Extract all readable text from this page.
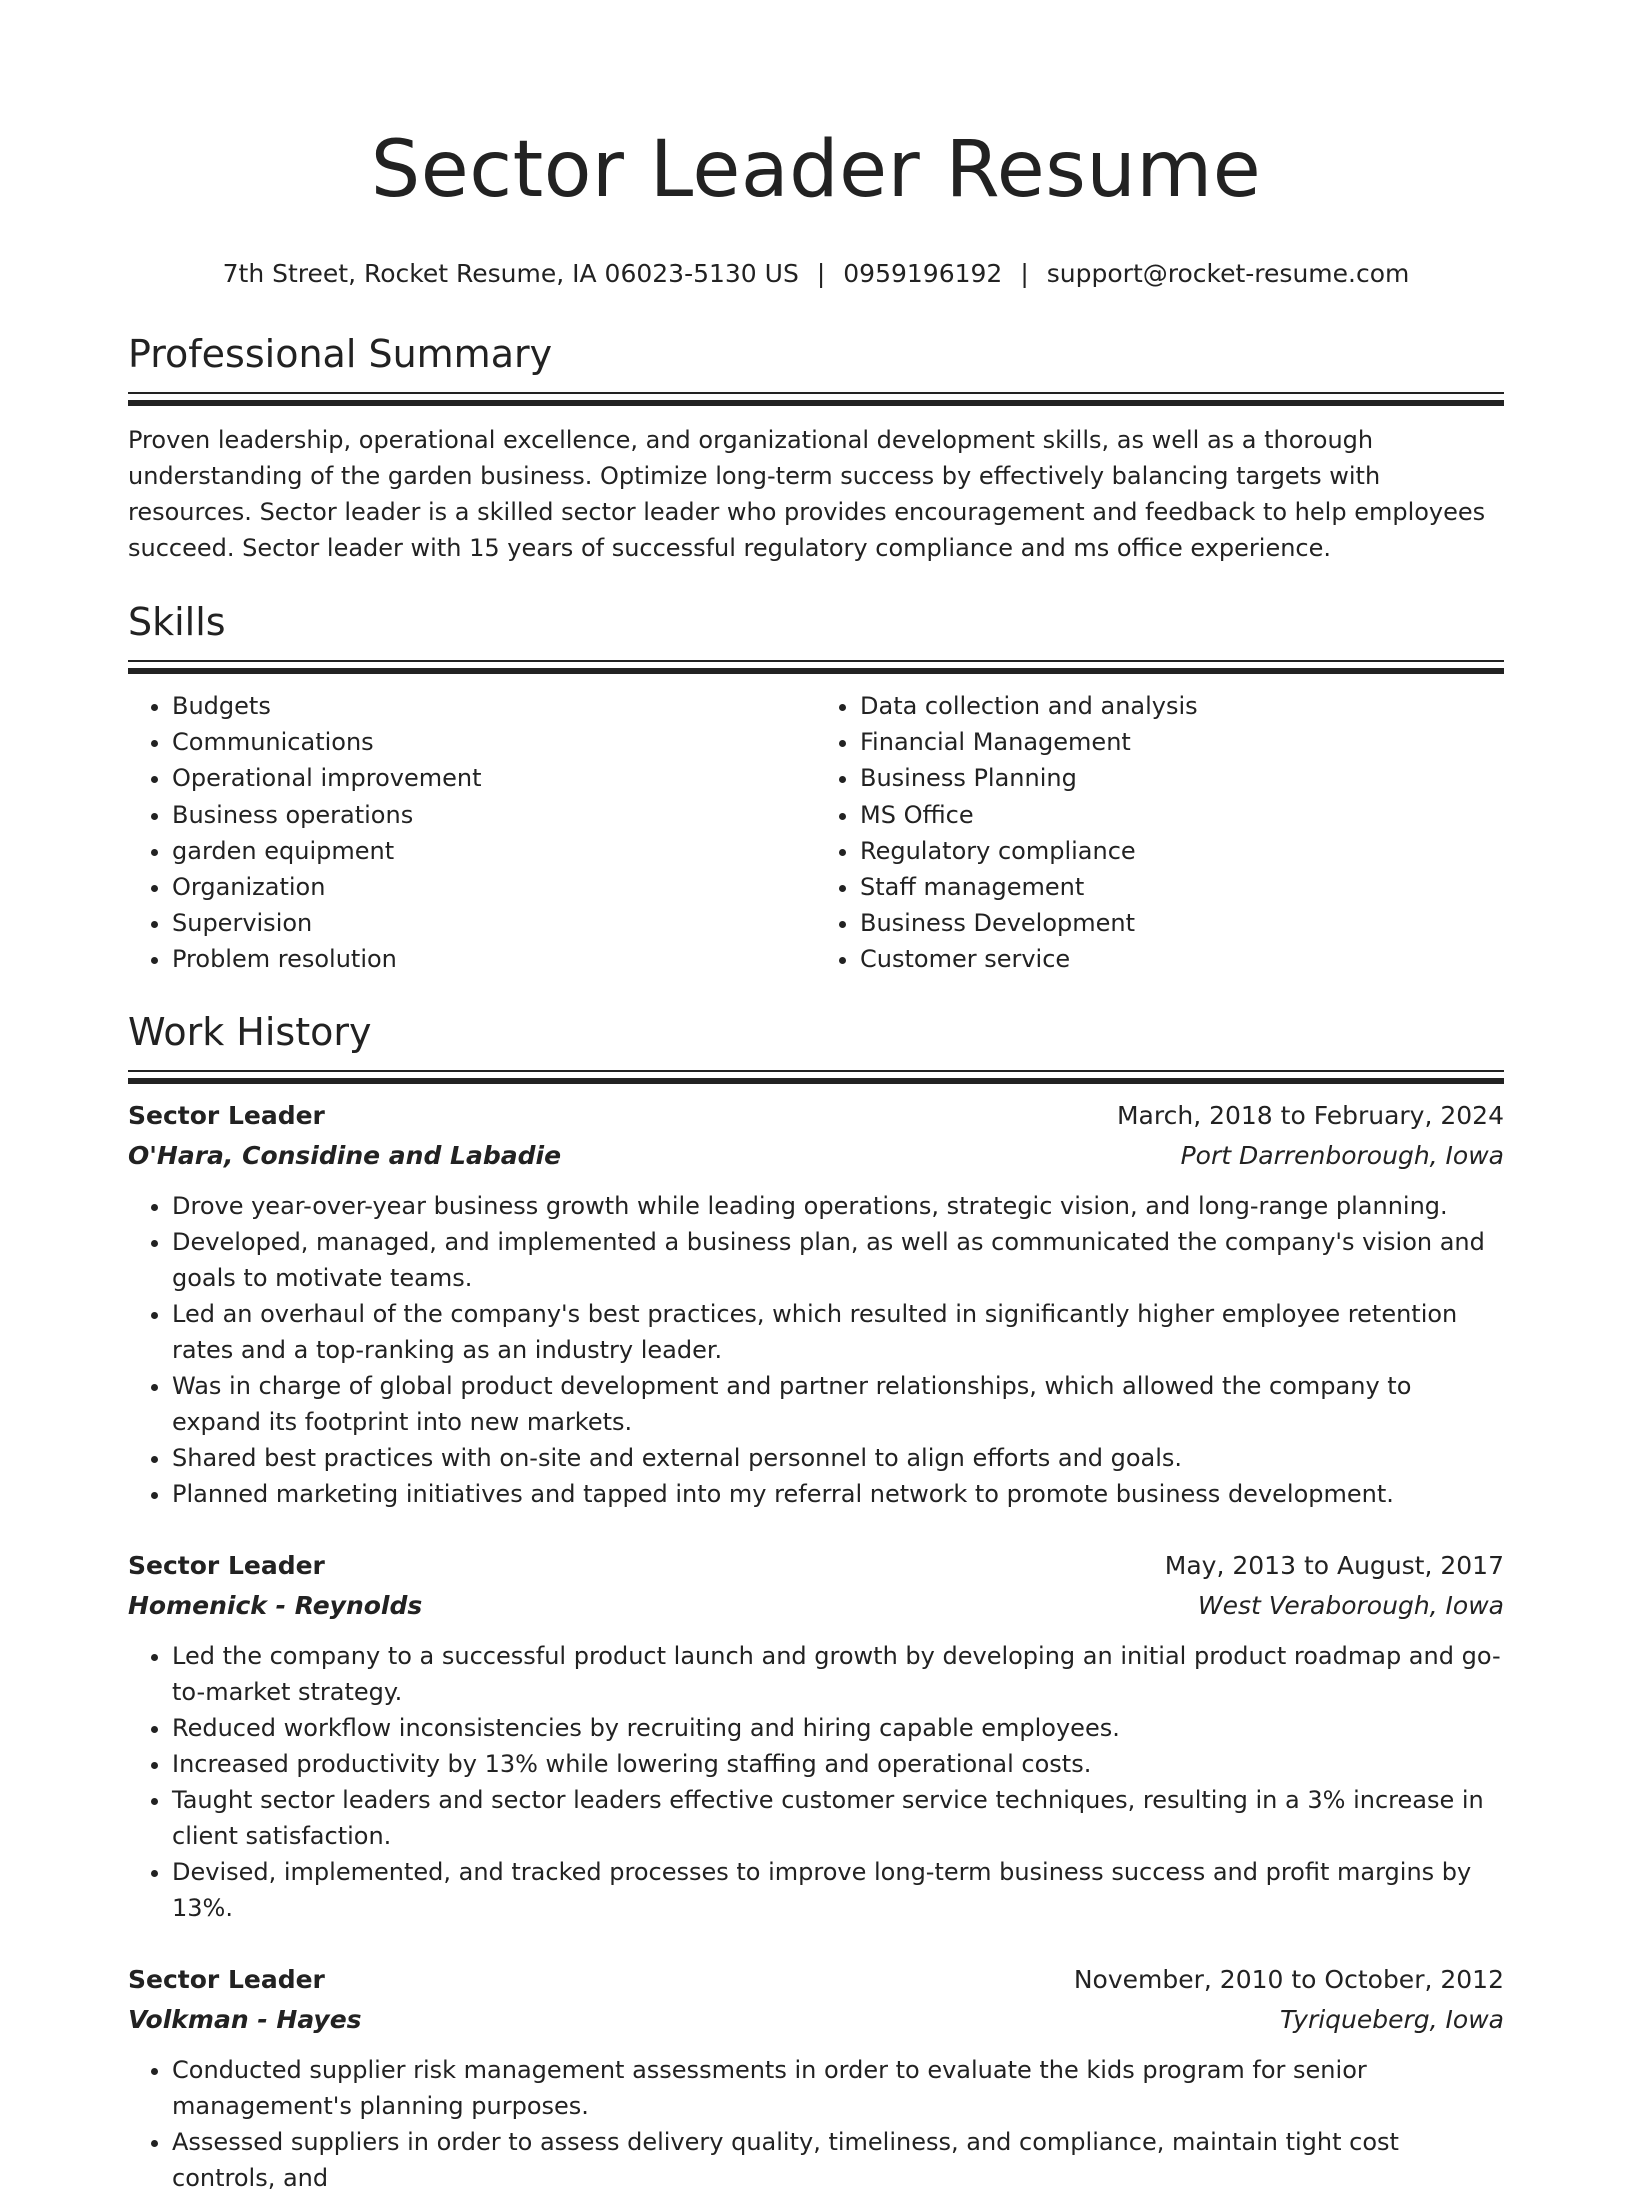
Sector Leader Resume
7th Street, Rocket Resume, IA 06023-5130 US | 0959196192 | support@rocket-resume.com
Professional Summary

Proven leadership, operational excellence, and organizational development skills, as well as a thorough understanding of the garden business. Optimize long-term success by effectively balancing targets with resources. Sector leader is a skilled sector leader who provides encouragement and feedback to help employees succeed. Sector leader with 15 years of successful regulatory compliance and ms office experience.

Skills
• Budgets
• Communications
• Operational improvement
• Business operations
• garden equipment
• Organization
• Supervision
• Problem resolution
• Data collection and analysis
• Financial Management
• Business Planning
• MS Office
• Regulatory compliance
• Staff management
• Business Development
• Customer service
Work History
Sector Leader	March, 2018 to February, 2024
O'Hara, Considine and Labadie	Port Darrenborough, Iowa
• Drove year-over-year business growth while leading operations, strategic vision, and long-range planning.
• Developed, managed, and implemented a business plan, as well as communicated the company's vision and goals to motivate teams.
• Led an overhaul of the company's best practices, which resulted in significantly higher employee retention rates and a top-ranking as an industry leader.
• Was in charge of global product development and partner relationships, which allowed the company to expand its footprint into new markets.
• Shared best practices with on-site and external personnel to align efforts and goals.
• Planned marketing initiatives and tapped into my referral network to promote business development.
Sector Leader	May, 2013 to August, 2017
Homenick - Reynolds	West Veraborough, Iowa
• Led the company to a successful product launch and growth by developing an initial product roadmap and go-to-market strategy.
• Reduced workflow inconsistencies by recruiting and hiring capable employees.
• Increased productivity by 13% while lowering staffing and operational costs.
• Taught sector leaders and sector leaders effective customer service techniques, resulting in a 3% increase in client satisfaction.
• Devised, implemented, and tracked processes to improve long-term business success and profit margins by 13%.
Sector Leader	November, 2010 to October, 2012
Volkman - Hayes	Tyriqueberg, Iowa
• Conducted supplier risk management assessments in order to evaluate the kids program for senior management's planning purposes.
• Assessed suppliers in order to assess delivery quality, timeliness, and compliance, maintain tight cost controls, and
